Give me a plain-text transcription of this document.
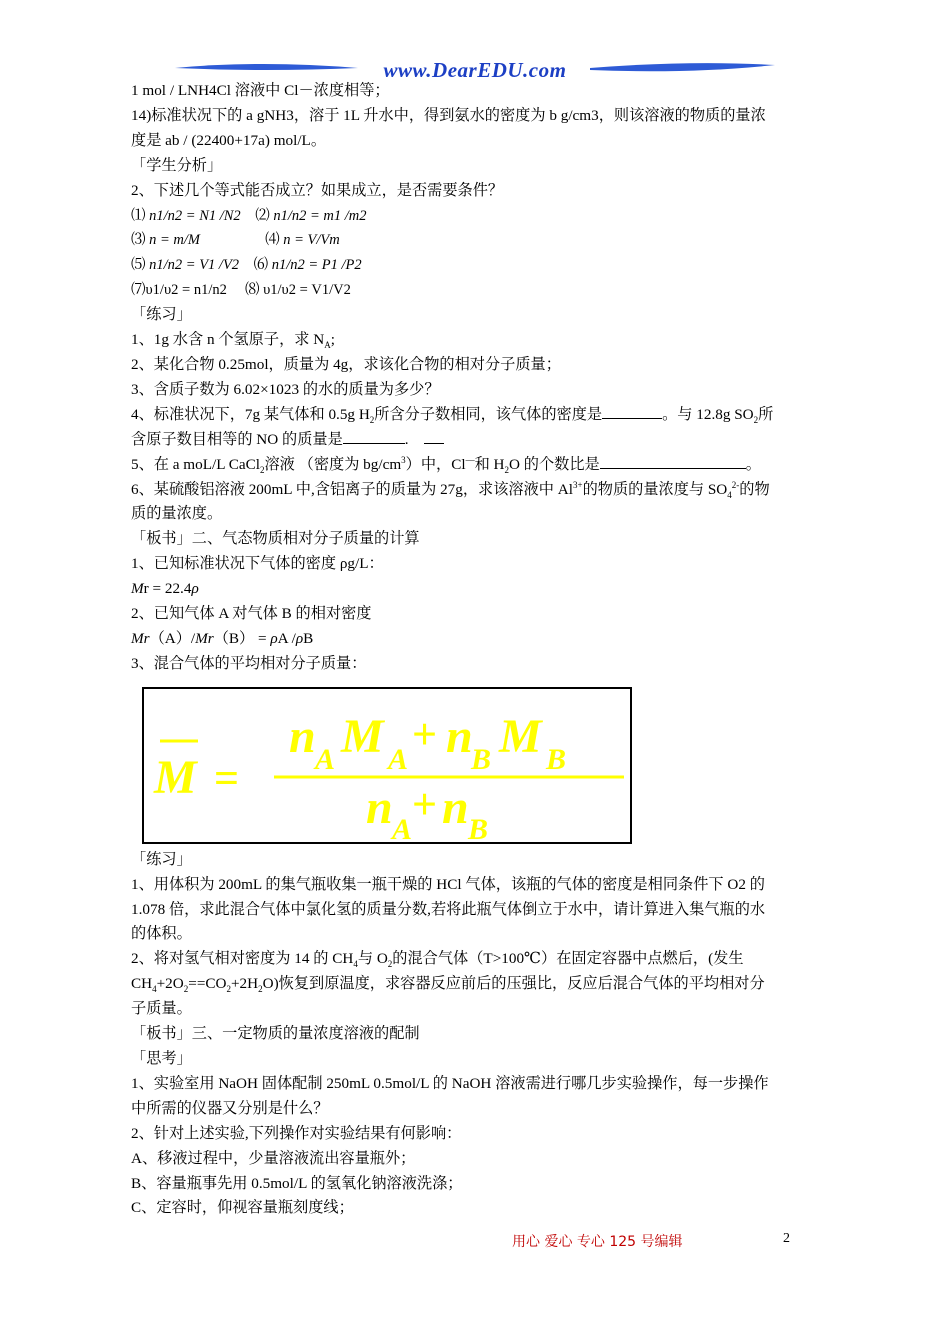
www.DearEDU.com
1 mol / LNH4Cl 溶液中 Cl－浓度相等；
14)标准状况下的 a gNH3，溶于 1L 升水中，得到氨水的密度为 b g/cm3，则该溶液的物质的量浓
度是 ab / (22400+17a) mol/L。
「学生分析」
2、下述几个等式能否成立？如果成立，是否需要条件？
⑴ n1/n2 = N1 /N2 ⑵ n1/n2 = m1 /m2
⑶ n = m/M	⑷ n = V/Vm
⑸ n1/n2 = V1 /V2 ⑹ n1/n2 = P1 /P2
⑺υ1/υ2 = n1/n2 ⑻ υ1/υ2 = V1/V2
「练习」
1、1g 水含 n 个氢原子，求 $N_A$;
2、某化合物 0.25mol，质量为 4g，求该化合物的相对分子质量；
3、含质子数为 6.02×1023 的水的质量为多少？
4、标准状况下，7g 某气体和 0.5g $H_2$所含分子数相同，该气体的密度是	。与 12.8g $SO_2$所
含原子数目相等的 NO 的质量是	.
5、在 a moL/L CaCl$_2$溶液 （密度为 $bg/cm^3$）中，Cl—和 $H_2O$ 的个数比是	。
6、某硫酸铝溶液 200mL 中,含铝离子的质量为 27g，求该溶液中 $Al^{3+}$的物质的量浓度与 $SO_4^{2-}$的物
质的量浓度。
「板书」二、气态物质相对分子质量的计算
1、已知标准状况下气体的密度 ρg/L：
Mr = 22.4ρ
2、已知气体 A 对气体 B 的相对密度
Mr（A）/Mr（B） = ρA /ρB
3、混合气体的平均相对分子质量：
M =
n A M A
+ n
B M B
n A
+ n B
「练习」
1、用体积为 200mL 的集气瓶收集一瓶干燥的 HCl 气体，该瓶的气体的密度是相同条件下 O2 的
1.078 倍，求此混合气体中氯化氢的质量分数,若将此瓶气体倒立于水中，请计算进入集气瓶的水
的体积。
2、将对氢气相对密度为 14 的 $CH_4$与 $O_2$的混合气体（T>100℃）在固定容器中点燃后，(发生
$CH_4+2O_2==CO_2+2H_2O$)恢复到原温度，求容器反应前后的压强比，反应后混合气体的平均相对分
子质量。
「板书」三、一定物质的量浓度溶液的配制
「思考」
1、实验室用 NaOH 固体配制 250mL 0.5mol/L 的 NaOH 溶液需进行哪几步实验操作，每一步操作
中所需的仪器又分别是什么？
2、针对上述实验,下列操作对实验结果有何影响：
A、移液过程中，少量溶液流出容量瓶外；
B、容量瓶事先用 0.5mol/L 的氢氧化钠溶液洗涤；
C、定容时，仰视容量瓶刻度线；
用心 爱心 专心 125 号编辑	2
